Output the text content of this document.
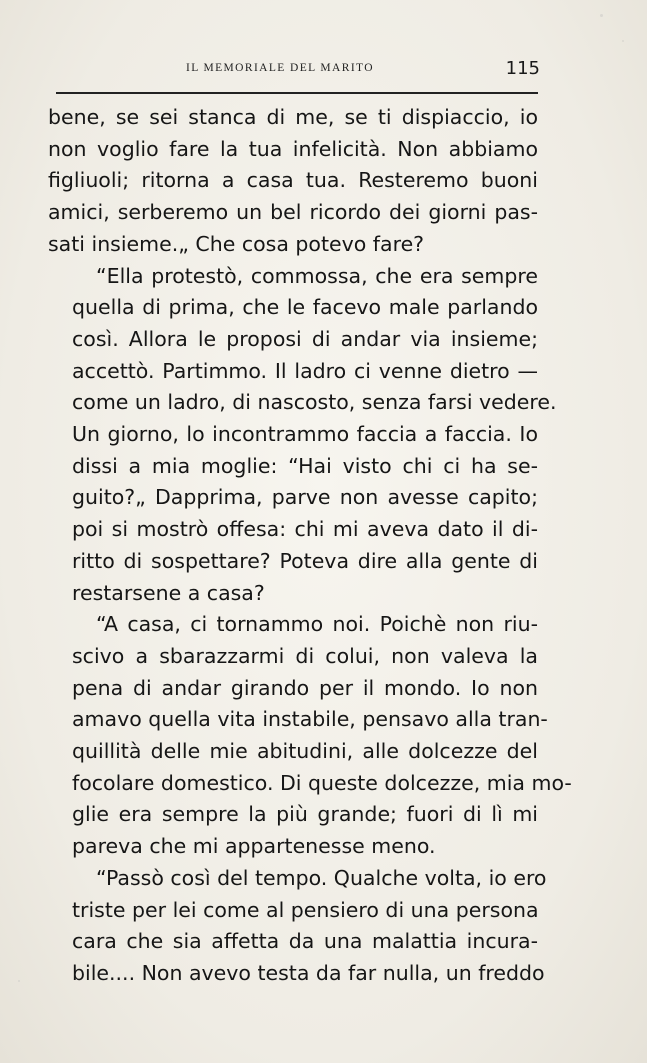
IL MEMORIALE DEL MARITO	115

bene, se sei stanca di me, se ti dispiaccio, io
non voglio fare la tua infelicità. Non abbiamo
figliuoli; ritorna a casa tua. Resteremo buoni
amici, serberemo un bel ricordo dei giorni pas-
sati insieme.„ Che cosa potevo fare?

“Ella protestò, commossa, che era sempre
quella di prima, che le facevo male parlando
così. Allora le proposi di andar via insieme;
accettò. Partimmo. Il ladro ci venne dietro —
come un ladro, di nascosto, senza farsi vedere.
Un giorno, lo incontrammo faccia a faccia. Io
dissi a mia moglie: “Hai visto chi ci ha se-
guito?„ Dapprima, parve non avesse capito;
poi si mostrò offesa: chi mi aveva dato il di-
ritto di sospettare? Poteva dire alla gente di
restarsene a casa?

“A casa, ci tornammo noi. Poichè non riu-
scivo a sbarazzarmi di colui, non valeva la
pena di andar girando per il mondo. Io non
amavo quella vita instabile, pensavo alla tran-
quillità delle mie abitudini, alle dolcezze del
focolare domestico. Di queste dolcezze, mia mo-
glie era sempre la più grande; fuori di lì mi
pareva che mi appartenesse meno.

“Passò così del tempo. Qualche volta, io ero
triste per lei come al pensiero di una persona
cara che sia affetta da una malattia incura-
bile.... Non avevo testa da far nulla, un freddo
